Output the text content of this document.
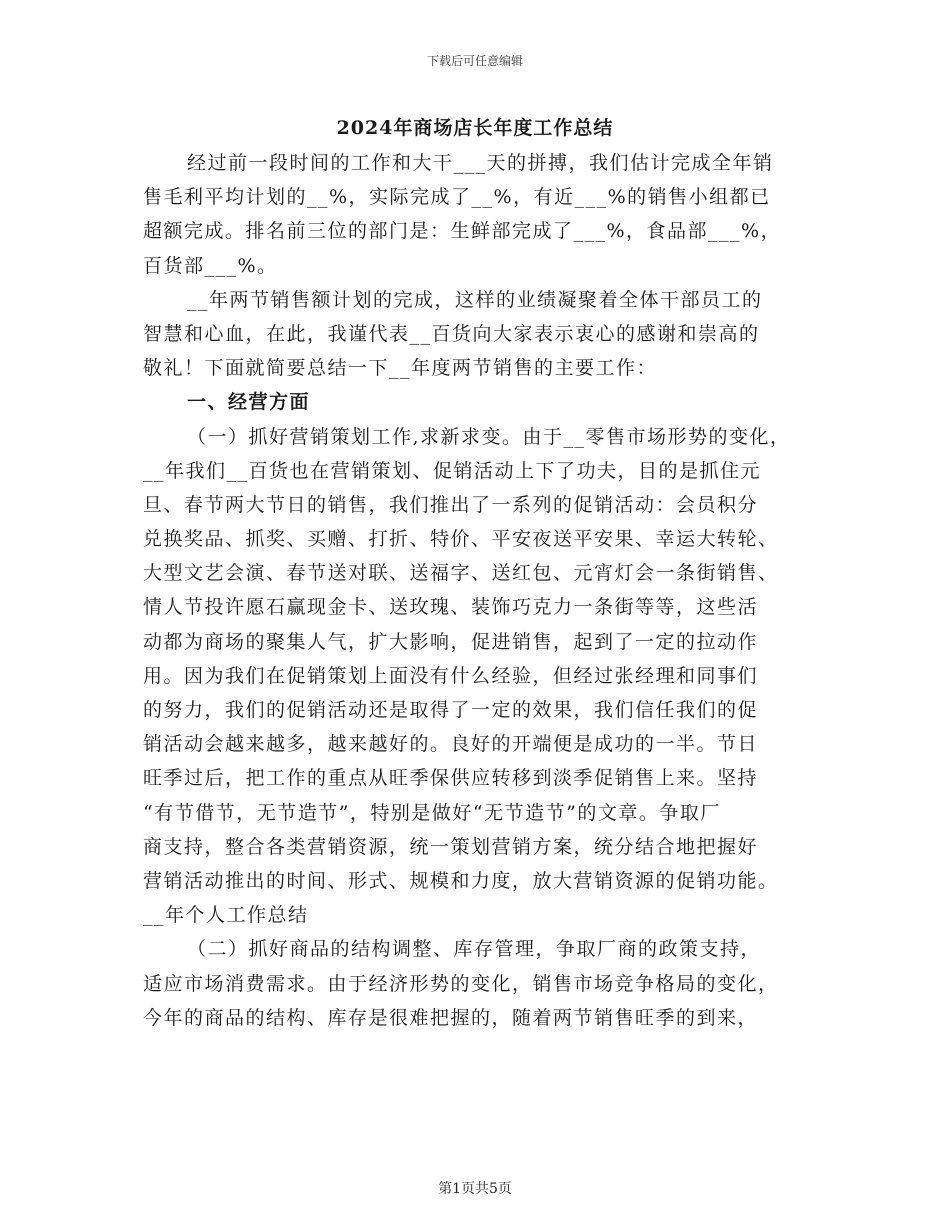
下载后可任意编辑
2024年商场店长年度工作总结
经过前一段时间的工作和大干___天的拼搏，我们估计完成全年销
售毛利平均计划的__%，实际完成了__%，有近___%的销售小组都已
超额完成。排名前三位的部门是：生鲜部完成了___%，食品部___%，
百货部___%。
__年两节销售额计划的完成，这样的业绩凝聚着全体干部员工的
智慧和心血，在此，我谨代表__百货向大家表示衷心的感谢和崇高的
敬礼！下面就简要总结一下__年度两节销售的主要工作：
一、经营方面
（一）抓好营销策划工作,求新求变。由于__零售市场形势的变化，
__年我们__百货也在营销策划、促销活动上下了功夫，目的是抓住元
旦、春节两大节日的销售，我们推出了一系列的促销活动：会员积分
兑换奖品、抓奖、买赠、打折、特价、平安夜送平安果、幸运大转轮、
大型文艺会演、春节送对联、送福字、送红包、元宵灯会一条街销售、
情人节投许愿石赢现金卡、送玫瑰、装饰巧克力一条街等等，这些活
动都为商场的聚集人气，扩大影响，促进销售，起到了一定的拉动作
用。因为我们在促销策划上面没有什么经验，但经过张经理和同事们
的努力，我们的促销活动还是取得了一定的效果，我们信任我们的促
销活动会越来越多，越来越好的。良好的开端便是成功的一半。节日
旺季过后，把工作的重点从旺季保供应转移到淡季促销售上来。坚持
“有节借节，无节造节”，特别是做好“无节造节”的文章。争取厂
商支持，整合各类营销资源，统一策划营销方案，统分结合地把握好
营销活动推出的时间、形式、规模和力度，放大营销资源的促销功能。
__年个人工作总结
（二）抓好商品的结构调整、库存管理，争取厂商的政策支持，
适应市场消费需求。由于经济形势的变化，销售市场竞争格局的变化，
今年的商品的结构、库存是很难把握的，随着两节销售旺季的到来，
第1页共5页
